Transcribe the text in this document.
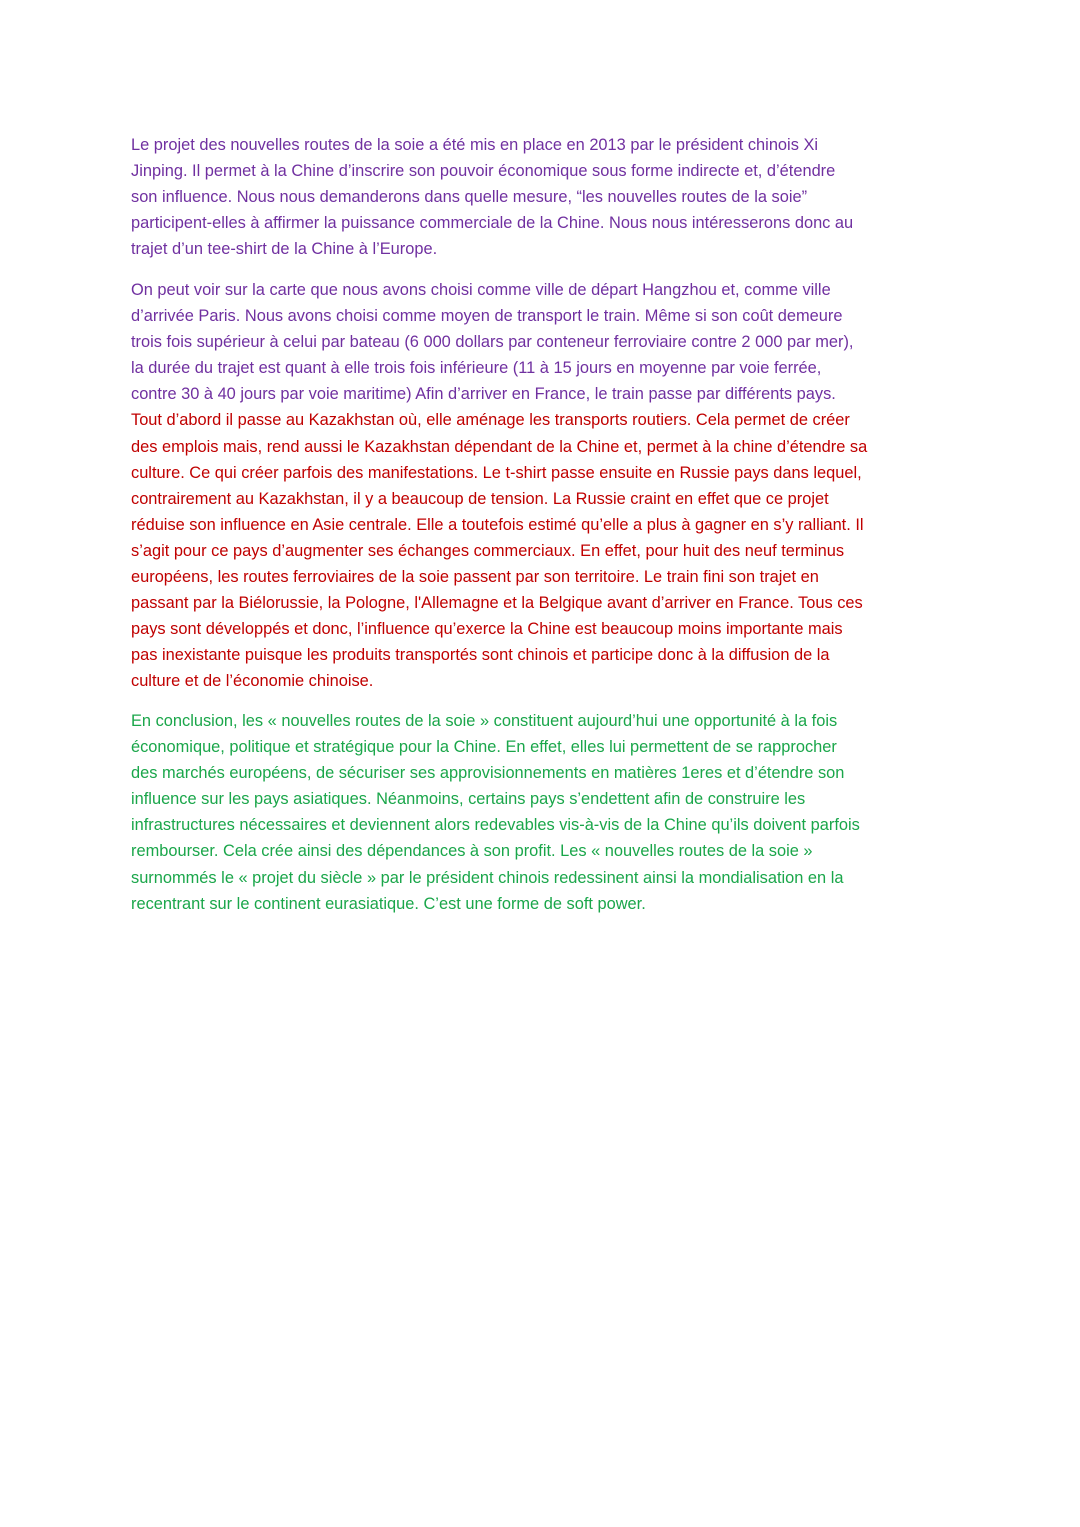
Le projet des nouvelles routes de la soie a été mis en place en 2013 par le président chinois Xi
Jinping. Il permet à la Chine d’inscrire son pouvoir économique sous forme indirecte et, d’étendre
son influence. Nous nous demanderons dans quelle mesure, “les nouvelles routes de la soie”
participent-elles à affirmer la puissance commerciale de la Chine. Nous nous intéresserons donc au
trajet d’un tee-shirt de la Chine à l’Europe.
On peut voir sur la carte que nous avons choisi comme ville de départ Hangzhou et, comme ville
d’arrivée Paris. Nous avons choisi comme moyen de transport le train. Même si son coût demeure
trois fois supérieur à celui par bateau (6 000 dollars par conteneur ferroviaire contre 2 000 par mer),
la durée du trajet est quant à elle trois fois inférieure (11 à 15 jours en moyenne par voie ferrée,
contre 30 à 40 jours par voie maritime) Afin d’arriver en France, le train passe par différents pays.
Tout d’abord il passe au Kazakhstan où, elle aménage les transports routiers. Cela permet de créer
des emplois mais, rend aussi le Kazakhstan dépendant de la Chine et, permet à la chine d’étendre sa
culture. Ce qui créer parfois des manifestations. Le t-shirt passe ensuite en Russie pays dans lequel,
contrairement au Kazakhstan, il y a beaucoup de tension. La Russie craint en effet que ce projet
réduise son influence en Asie centrale. Elle a toutefois estimé qu’elle a plus à gagner en s’y ralliant. Il
s’agit pour ce pays d’augmenter ses échanges commerciaux. En effet, pour huit des neuf terminus
européens, les routes ferroviaires de la soie passent par son territoire. Le train fini son trajet en
passant par la Biélorussie, la Pologne, l'Allemagne et la Belgique avant d’arriver en France. Tous ces
pays sont développés et donc, l’influence qu’exerce la Chine est beaucoup moins importante mais
pas inexistante puisque les produits transportés sont chinois et participe donc à la diffusion de la
culture et de l’économie chinoise.
En conclusion, les « nouvelles routes de la soie » constituent aujourd’hui une opportunité à la fois
économique, politique et stratégique pour la Chine. En effet, elles lui permettent de se rapprocher
des marchés européens, de sécuriser ses approvisionnements en matières 1eres et d’étendre son
influence sur les pays asiatiques. Néanmoins, certains pays s’endettent afin de construire les
infrastructures nécessaires et deviennent alors redevables vis-à-vis de la Chine qu’ils doivent parfois
rembourser. Cela crée ainsi des dépendances à son profit. Les « nouvelles routes de la soie »
surnommés le « projet du siècle » par le président chinois redessinent ainsi la mondialisation en la
recentrant sur le continent eurasiatique. C’est une forme de soft power.
